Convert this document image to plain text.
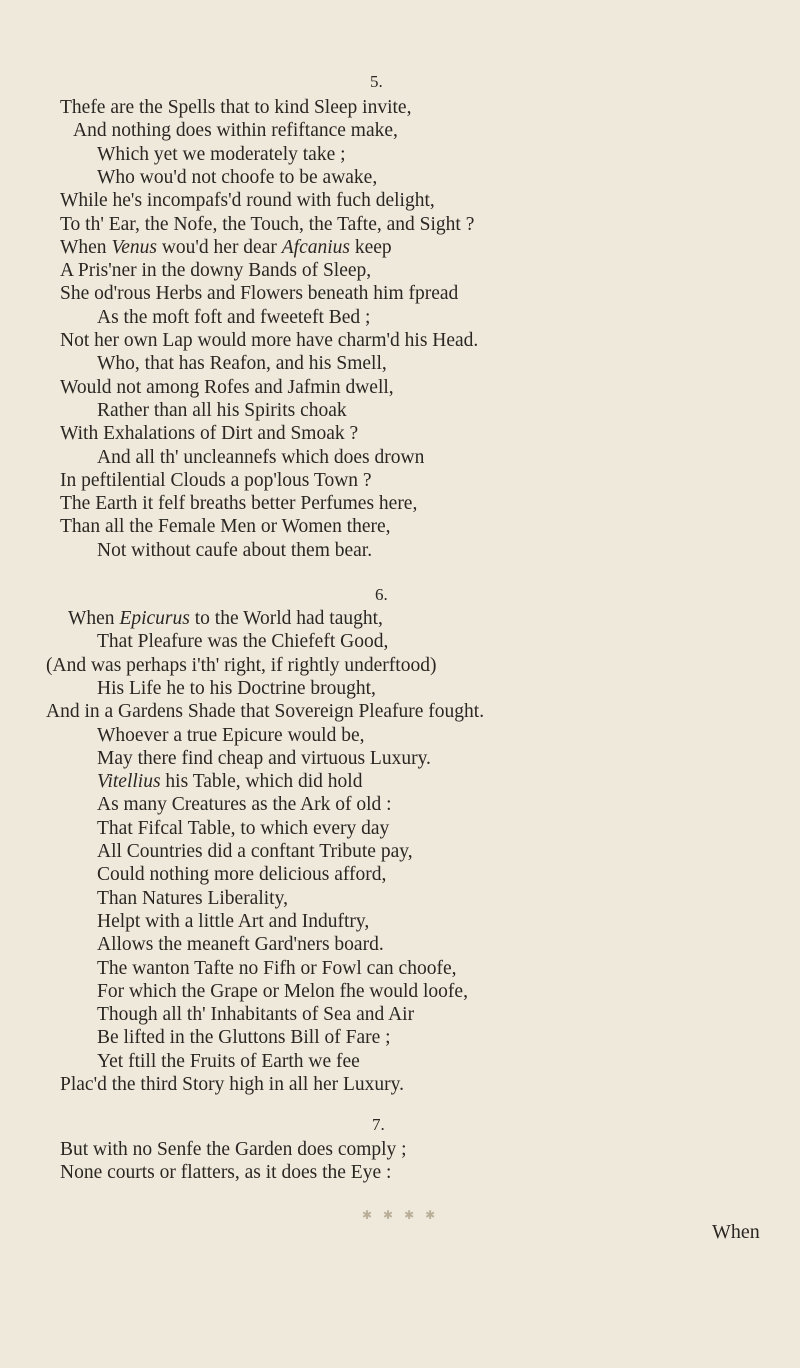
5.
Thefe are the Spells that to kind Sleep invite,
And nothing does within refiftance make,
Which yet we moderately take ;
Who wou'd not choofe to be awake,
While he's incompafs'd round with fuch delight,
To th' Ear, the Nofe, the Touch, the Tafte, and Sight ?
When Venus wou'd her dear Afcanius keep
A Pris'ner in the downy Bands of Sleep,
She od'rous Herbs and Flowers beneath him fpread
As the moft foft and fweeteft Bed ;
Not her own Lap would more have charm'd his Head.
Who, that has Reafon, and his Smell,
Would not among Rofes and Jafmin dwell,
Rather than all his Spirits choak
With Exhalations of Dirt and Smoak ?
And all th' uncleannefs which does drown
In peftilential Clouds a pop'lous Town ?
The Earth it felf breaths better Perfumes here,
Than all the Female Men or Women there,
Not without caufe about them bear.
6.
When Epicurus to the World had taught,
That Pleafure was the Chiefeft Good,
(And was perhaps i'th' right, if rightly underftood)
His Life he to his Doctrine brought,
And in a Gardens Shade that Sovereign Pleafure fought.
Whoever a true Epicure would be,
May there find cheap and virtuous Luxury.
Vitellius his Table, which did hold
As many Creatures as the Ark of old :
That Fifcal Table, to which every day
All Countries did a conftant Tribute pay,
Could nothing more delicious afford,
Than Natures Liberality,
Helpt with a little Art and Induftry,
Allows the meaneft Gard'ners board.
The wanton Tafte no Fifh or Fowl can choofe,
For which the Grape or Melon fhe would loofe,
Though all th' Inhabitants of Sea and Air
Be lifted in the Gluttons Bill of Fare ;
Yet ftill the Fruits of Earth we fee
Plac'd the third Story high in all her Luxury.
7.
But with no Senfe the Garden does comply ;
None courts or flatters, as it does the Eye :
✱ ✱ ✱ ✱
When
